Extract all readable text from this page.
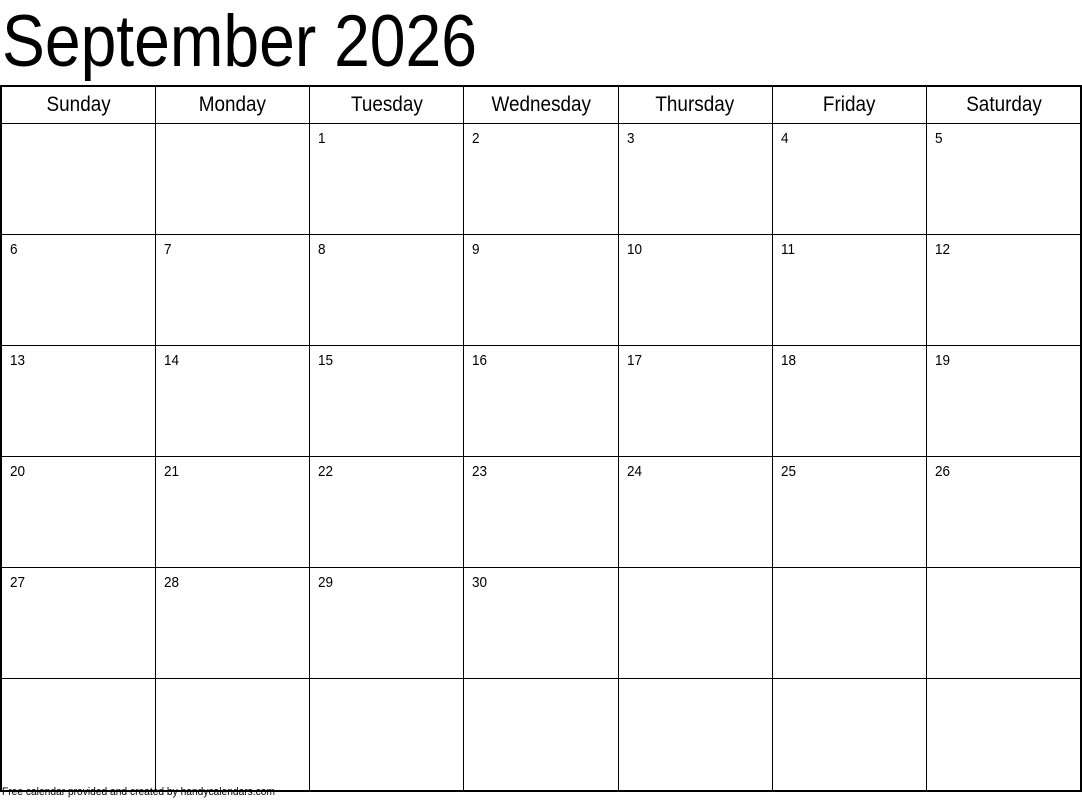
September 2026
Sunday	Monday	Tuesday	Wednesday	Thursday	Friday	Saturday
		1	2	3	4	5
6	7	8	9	10	11	12
13	14	15	16	17	18	19
20	21	22	23	24	25	26
27	28	29	30			

Free calendar provided and created by handycalendars.com
